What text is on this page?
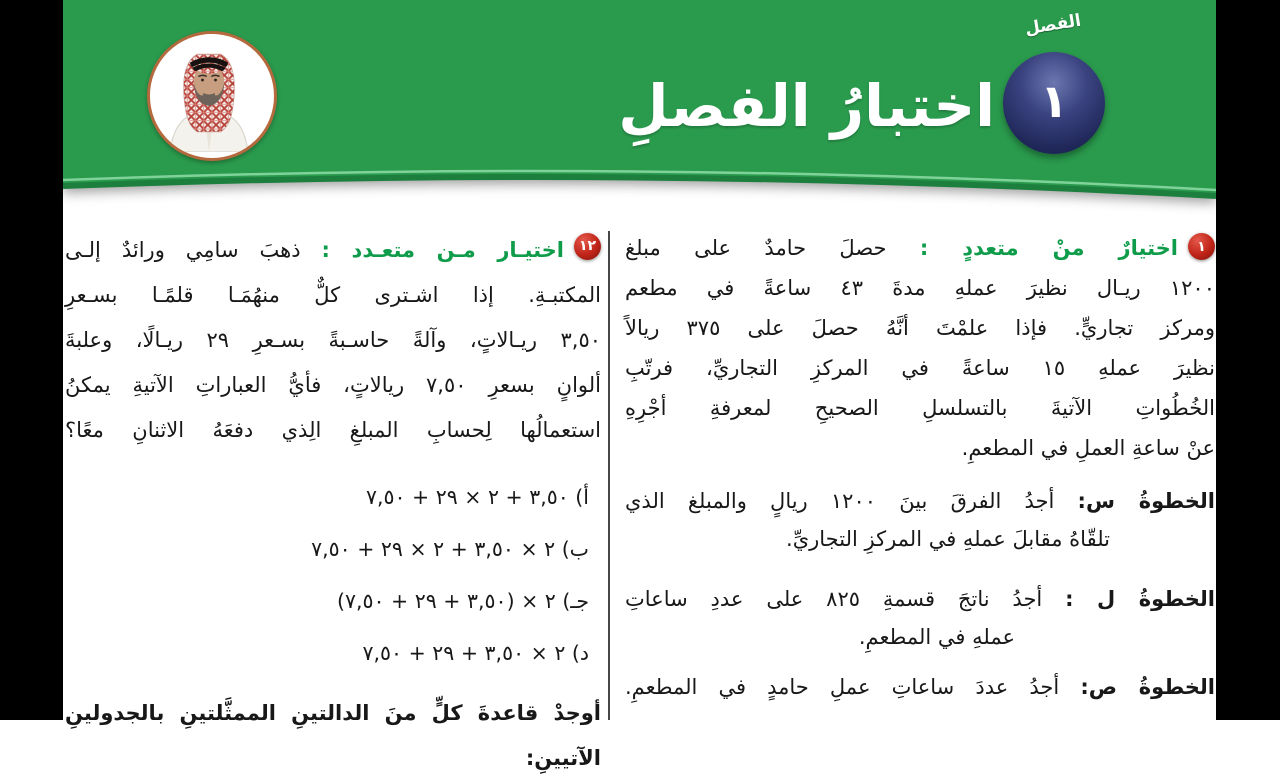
الفصل
١
اختبارُ الفصلِ
١
اختيارٌ منْ متعددٍ : حصلَ حامدٌ على مبلغ
١٢٠٠ ريـال نظيرَ عملهِ مدةَ ٤٣ ساعةً في مطعم
ومركز تجاريٍّ. فإذا علمْتَ أنَّهُ حصلَ على ٣٧٥ ريالاً
نظيرَ عملهِ ١٥ ساعةً في المركزِ التجاريِّ، فرتّبِ
الخُطُواتِ الآتيةَ بالتسلسلِ الصحيحِ لمعرفةِ أجْرِهِ
عنْ ساعةِ العملِ في المطعمِ.
الخطوةُ س: أجدُ الفرقَ بينَ ١٢٠٠ ريالٍ والمبلغ الذي
تلقّاهُ مقابلَ عملهِ في المركزِ التجاريِّ.
الخطوةُ ل : أجدُ ناتجَ قسمةِ ٨٢٥ على عددِ ساعاتِ
عملهِ في المطعمِ.
الخطوةُ ص: أجدُ عددَ ساعاتِ عملِ حامدٍ في المطعمِ.
١٢
اختيـار مـن متعـدد : ذهبَ سامِي ورائدٌ إلـى
المكتبـةِ. إذا اشـترى كلٌّ منهُمَـا قلمًـا بسـعرِ
٣,٥٠ ريـالاتٍ، وآلةً حاسـبةً بسـعرِ ٢٩ ريـالًا، وعلبةَ
ألوانٍ بسعرِ ٧,٥٠ ريالاتٍ، فأيُّ العباراتِ الآتيةِ يمكنُ
استعمالُها لِحسابِ المبلغِ الِذي دفعَهُ الاثنانِ معًا؟
أ) ٣,٥٠ + ٢ × ٢٩ + ٧,٥٠
ب) ٢ × ٣,٥٠ + ٢ × ٢٩ + ٧,٥٠
جـ) ٢ × (٣,٥٠ + ٢٩ + ٧,٥٠)
د) ٢ × ٣,٥٠ + ٢٩ + ٧,٥٠
أوجدْ قاعدةَ كلٍّ منَ الدالتينِ الممثَّلتينِ بالجدولينِ الآتيينِ:
